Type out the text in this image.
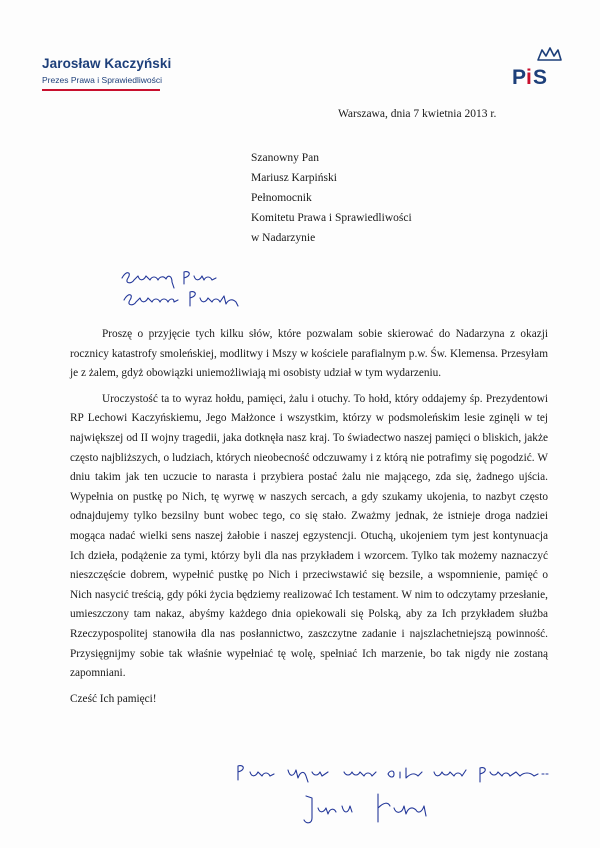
Jarosław Kaczyński
Prezes Prawa i Sprawiedliwości	P i S
Warszawa, dnia 7 kwietnia 2013 r.
Szanowny Pan
Mariusz Karpiński
Pełnomocnik
Komitetu Prawa i Sprawiedliwości
w Nadarzynie

Proszę o przyjęcie tych kilku słów, które pozwalam sobie skierować do Nadarzyna z okazji rocznicy katastrofy smoleńskiej, modlitwy i Mszy w kościele parafialnym p.w. Św. Klemensa. Przesyłam je z żalem, gdyż obowiązki uniemożliwiają mi osobisty udział w tym wydarzeniu.

Uroczystość ta to wyraz hołdu, pamięci, żalu i otuchy. To hołd, który oddajemy śp. Prezydentowi RP Lechowi Kaczyńskiemu, Jego Małżonce i wszystkim, którzy w podsmoleńskim lesie zginęli w tej największej od II wojny tragedii, jaka dotknęła nasz kraj. To świadectwo naszej pamięci o bliskich, jakże często najbliższych, o ludziach, których nieobecność odczuwamy i z którą nie potrafimy się pogodzić. W dniu takim jak ten uczucie to narasta i przybiera postać żalu nie mającego, zda się, żadnego ujścia. Wypełnia on pustkę po Nich, tę wyrwę w naszych sercach, a gdy szukamy ukojenia, to nazbyt często odnajdujemy tylko bezsilny bunt wobec tego, co się stało. Zważmy jednak, że istnieje droga nadziei mogąca nadać wielki sens naszej żałobie i naszej egzystencji. Otuchą, ukojeniem tym jest kontynuacja Ich dzieła, podążenie za tymi, którzy byli dla nas przykładem i wzorcem. Tylko tak możemy naznaczyć nieszczęście dobrem, wypełnić pustkę po Nich i przeciwstawić się bezsile, a wspomnienie, pamięć o Nich nasycić treścią, gdy póki życia będziemy realizować Ich testament. W nim to odczytamy przesłanie, umieszczony tam nakaz, abyśmy każdego dnia opiekowali się Polską, aby za Ich przykładem służba Rzeczypospolitej stanowiła dla nas posłannictwo, zaszczytne zadanie i najszlachetniejszą powinność. Przysięgnijmy sobie tak właśnie wypełniać tę wolę, spełniać Ich marzenie, bo tak nigdy nie zostaną zapomniani.

Cześć Ich pamięci!
